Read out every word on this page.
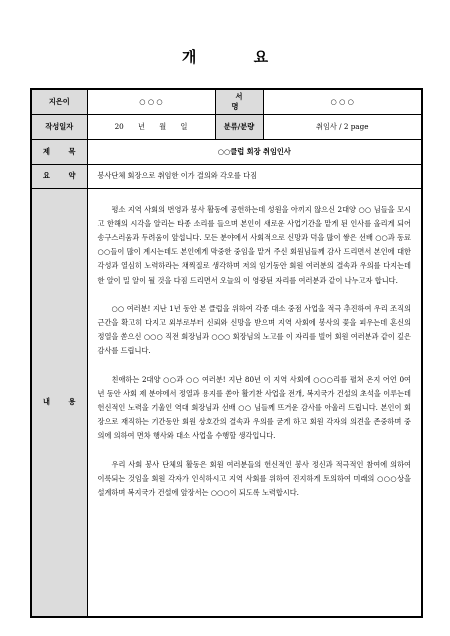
개 요
지은이	○ ○ ○	서 명	○ ○ ○
작성일자	20 년 월 일	분류/분량	취임사 / 2 page
제 목	○○클럽 회장 취임인사		
요 약	봉사단체 회장으로 취임한 이가 결의와 각오를 다짐		
내 용	평소 지역 사회의 번영과 봉사 활동에 공헌하는데 성원을 아끼지 않으신 2대양 ○○ 님들을 모시고 한해의 시각을 알리는 타종 소리를 들으며 본인이 새로운 사업기간을 맡게 된 인사를 올리게 되어 송구스러움과 두려움이 앞섭니다. 모든 분야에서 사회적으로 신망과 덕을 많이 쌓은 선배 ○○과 동료 ○○들이 많이 계시는데도 본인에게 막중한 중임을 맡겨 주신 회원님들께 감사 드리면서 본인에 대한 각성과 열심히 노력하라는 채찍질로 생각하며 저의 임기동안 회원 여러분의 결속과 우의를 다지는데 한 알이 밀 알이 될 것을 다짐 드리면서 오늘의 이 영광된 자리를 여러분과 같이 나누고자 합니다.

○○ 여러분! 지난 1년 동안 본 클럽을 위하여 각종 대소 중점 사업을 적극 추진하여 우리 조직의 근간을 확고히 다지고 외부로부터 신뢰와 신망을 받으며 지역 사회에 봉사의 꽃을 피우는데 혼신의 정열을 쏟으신 ○○○ 직전 회장님과 ○○○ 회장님의 노고를 이 자리를 빌어 회원 여러분과 같이 깊은 감사를 드립니다.

친애하는 2대양 ○○과 ○○ 여러분! 지난 80년 이 지역 사회에 ○○○리를 펼쳐 온지 어언 0여 년 동안 사회 제 분야에서 정열과 용지를 쏟아 활기찬 사업을 전개, 복지국가 건설의 초석을 이루는데 헌신적인 노력을 기울인 역대 회장님과 선배 ○○ 님들께 뜨거운 감사를 아울러 드립니다. 본인이 회장으로 재직하는 기간동안 회원 상호간의 결속과 우의를 굳게 하고 회원 각자의 의견을 존중하며 중의에 의하여 면차 행사와 대소 사업을 수행할 생각입니다.

우리 사회 봉사 단체의 활동은 회원 여러분들의 헌신적인 봉사 정신과 적극적인 참여에 의하여 이룩되는 것임을 회원 각자가 인식하시고 지역 사회를 위하여 진지하게 토의하여 미래의 ○○○상을 설계하며 복지국가 건설에 앞장서는 ○○○이 되도록 노력합시다.		
